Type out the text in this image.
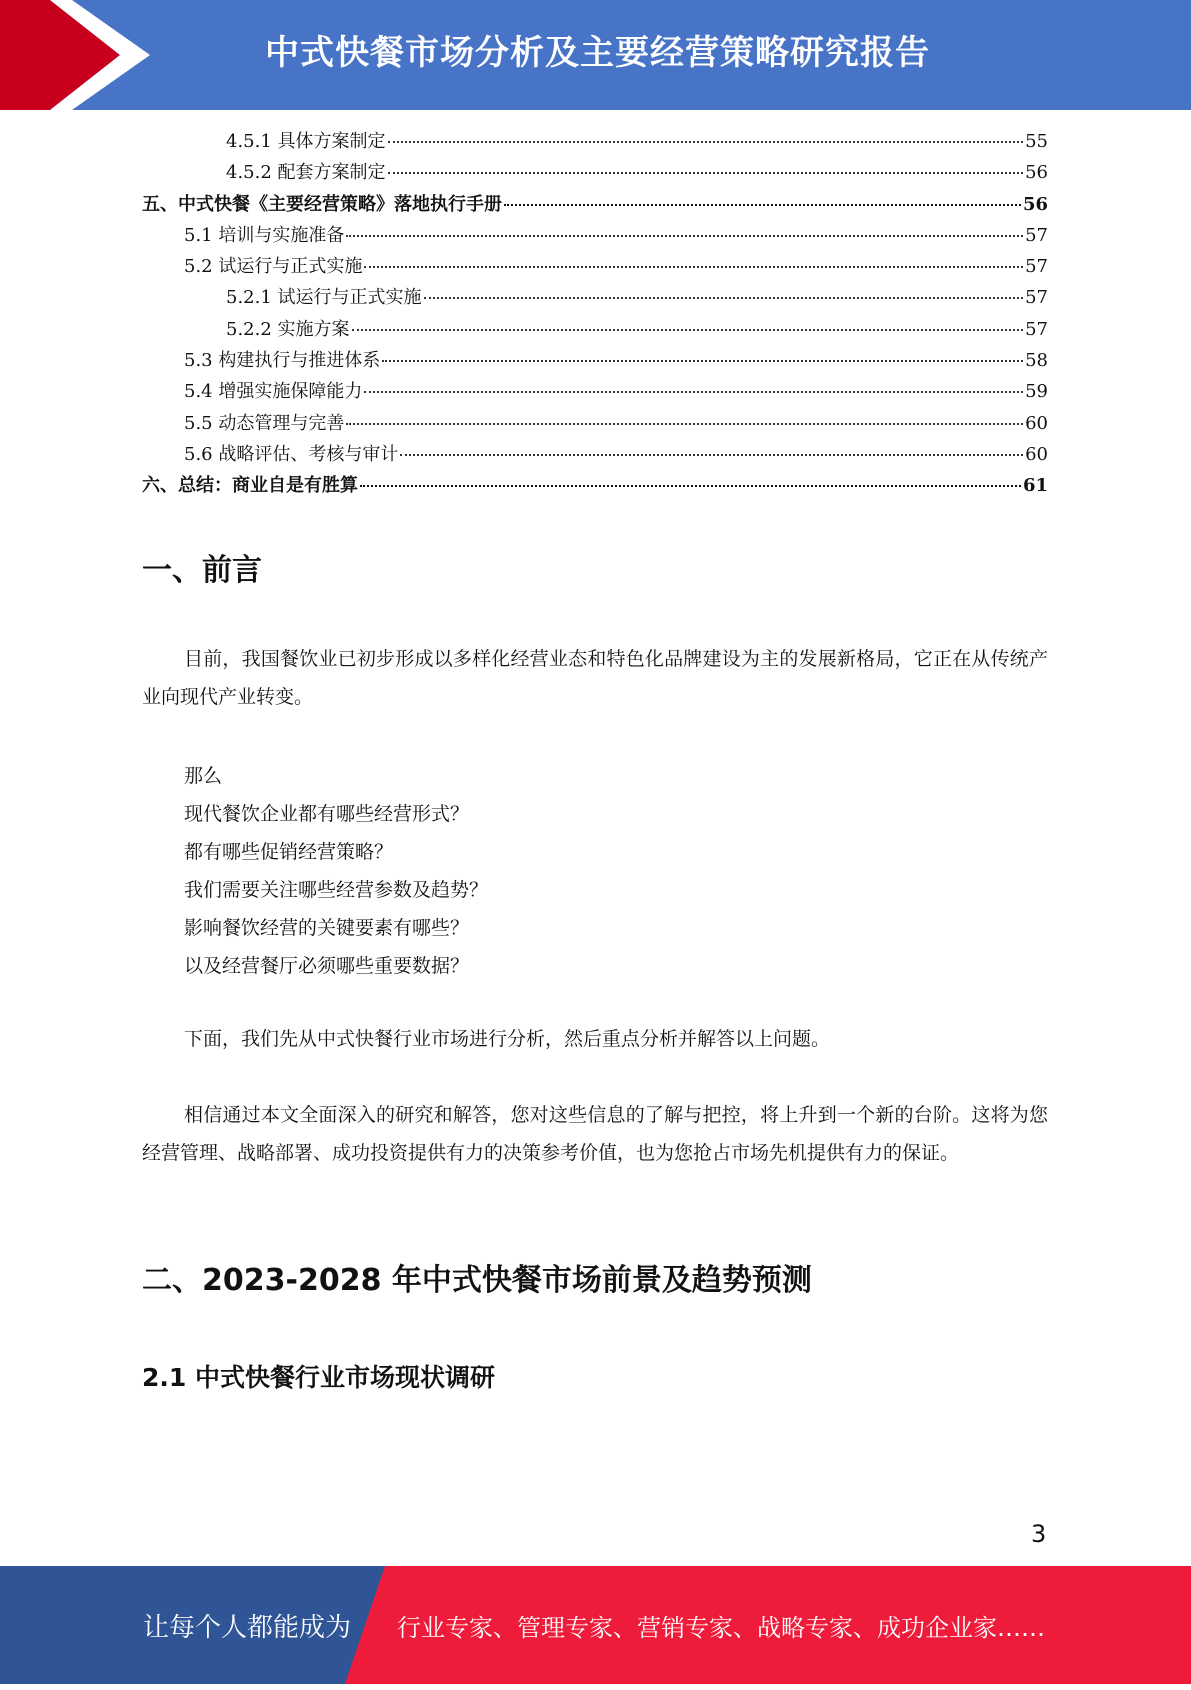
中式快餐市场分析及主要经营策略研究报告
4.5.1 具体方案制定	55
4.5.2 配套方案制定	56
五、中式快餐《主要经营策略》落地执行手册	56
5.1 培训与实施准备	57
5.2 试运行与正式实施	57
5.2.1 试运行与正式实施	57
5.2.2 实施方案	57
5.3 构建执行与推进体系	58
5.4 增强实施保障能力	59
5.5 动态管理与完善	60
5.6 战略评估、考核与审计	60
六、总结：商业自是有胜算	61
一、前言

目前，我国餐饮业已初步形成以多样化经营业态和特色化品牌建设为主的发展新格局，它正在从传统产业向现代产业转变。

那么
现代餐饮企业都有哪些经营形式？
都有哪些促销经营策略？
我们需要关注哪些经营参数及趋势？
影响餐饮经营的关键要素有哪些？
以及经营餐厅必须哪些重要数据？

下面，我们先从中式快餐行业市场进行分析，然后重点分析并解答以上问题。

相信通过本文全面深入的研究和解答，您对这些信息的了解与把控，将上升到一个新的台阶。这将为您经营管理、战略部署、成功投资提供有力的决策参考价值，也为您抢占市场先机提供有力的保证。

二、2023-2028 年中式快餐市场前景及趋势预测
2.1 中式快餐行业市场现状调研
3
让每个人都能成为 行业专家、管理专家、营销专家、战略专家、成功企业家……
